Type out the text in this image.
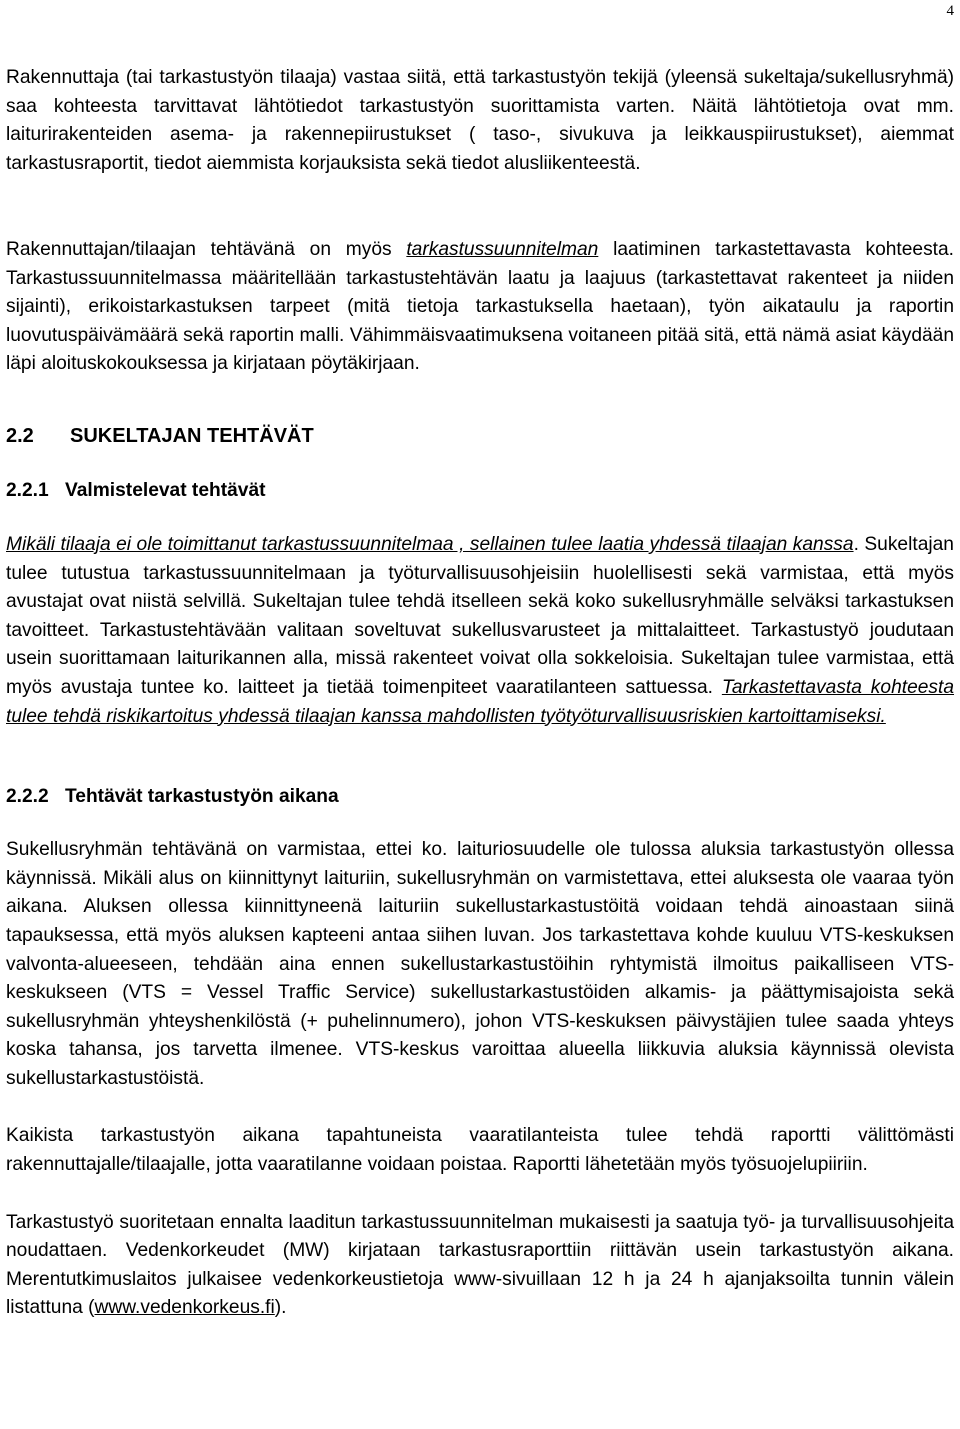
4

Rakennuttaja (tai tarkastustyön tilaaja) vastaa siitä, että tarkastustyön tekijä (yleensä sukeltaja/sukellusryhmä) saa kohteesta tarvittavat lähtötiedot tarkastustyön suorittamista varten. Näitä lähtötietoja ovat mm. laiturirakenteiden asema- ja rakennepiirustukset ( taso-, sivukuva ja leikkauspiirustukset), aiemmat tarkastusraportit, tiedot aiemmista korjauksista sekä tiedot alusliikenteestä.

Rakennuttajan/tilaajan tehtävänä on myös tarkastussuunnitelman laatiminen tarkastettavasta kohteesta. Tarkastussuunnitelmassa määritellään tarkastustehtävän laatu ja laajuus (tarkastettavat rakenteet ja niiden sijainti), erikoistarkastuksen tarpeet (mitä tietoja tarkastuksella haetaan), työn aikataulu ja raportin luovutuspäivämäärä sekä raportin malli. Vähimmäisvaatimuksena voitaneen pitää sitä, että nämä asiat käydään läpi aloituskokouksessa ja kirjataan pöytäkirjaan.

2.2 SUKELTAJAN TEHTÄVÄT
2.2.1 Valmistelevat tehtävät

Mikäli tilaaja ei ole toimittanut tarkastussuunnitelmaa , sellainen tulee laatia yhdessä tilaajan kanssa. Sukeltajan tulee tutustua tarkastussuunnitelmaan ja työturvallisuusohjeisiin huolellisesti sekä varmistaa, että myös avustajat ovat niistä selvillä. Sukeltajan tulee tehdä itselleen sekä koko sukellusryhmälle selväksi tarkastuksen tavoitteet. Tarkastustehtävään valitaan soveltuvat sukellusvarusteet ja mittalaitteet. Tarkastustyö joudutaan usein suorittamaan laiturikannen alla, missä rakenteet voivat olla sokkeloisia. Sukeltajan tulee varmistaa, että myös avustaja tuntee ko. laitteet ja tietää toimenpiteet vaaratilanteen sattuessa. Tarkastettavasta kohteesta tulee tehdä riskikartoitus yhdessä tilaajan kanssa mahdollisten työtyöturvallisuusriskien kartoittamiseksi.

2.2.2 Tehtävät tarkastustyön aikana

Sukellusryhmän tehtävänä on varmistaa, ettei ko. laituriosuudelle ole tulossa aluksia tarkastustyön ollessa käynnissä. Mikäli alus on kiinnittynyt laituriin, sukellusryhmän on varmistettava, ettei aluksesta ole vaaraa työn aikana. Aluksen ollessa kiinnittyneenä laituriin sukellustarkastustöitä voidaan tehdä ainoastaan siinä tapauksessa, että myös aluksen kapteeni antaa siihen luvan. Jos tarkastettava kohde kuuluu VTS-keskuksen valvonta-alueeseen, tehdään aina ennen sukellustarkastustöihin ryhtymistä ilmoitus paikalliseen VTS-keskukseen (VTS = Vessel Traffic Service) sukellustarkastustöiden alkamis- ja päättymisajoista sekä sukellusryhmän yhteyshenkilöstä (+ puhelinnumero), johon VTS-keskuksen päivystäjien tulee saada yhteys koska tahansa, jos tarvetta ilmenee. VTS-keskus varoittaa alueella liikkuvia aluksia käynnissä olevista sukellustarkastustöistä.

Kaikista tarkastustyön aikana tapahtuneista vaaratilanteista tulee tehdä raportti välittömästi rakennuttajalle/tilaajalle, jotta vaaratilanne voidaan poistaa. Raportti lähetetään myös työsuojelupiiriin.

Tarkastustyö suoritetaan ennalta laaditun tarkastussuunnitelman mukaisesti ja saatuja työ- ja turvallisuusohjeita noudattaen. Vedenkorkeudet (MW) kirjataan tarkastusraporttiin riittävän usein tarkastustyön aikana. Merentutkimuslaitos julkaisee vedenkorkeustietoja www-sivuillaan 12 h ja 24 h ajanjaksoilta tunnin välein listattuna (www.vedenkorkeus.fi).
